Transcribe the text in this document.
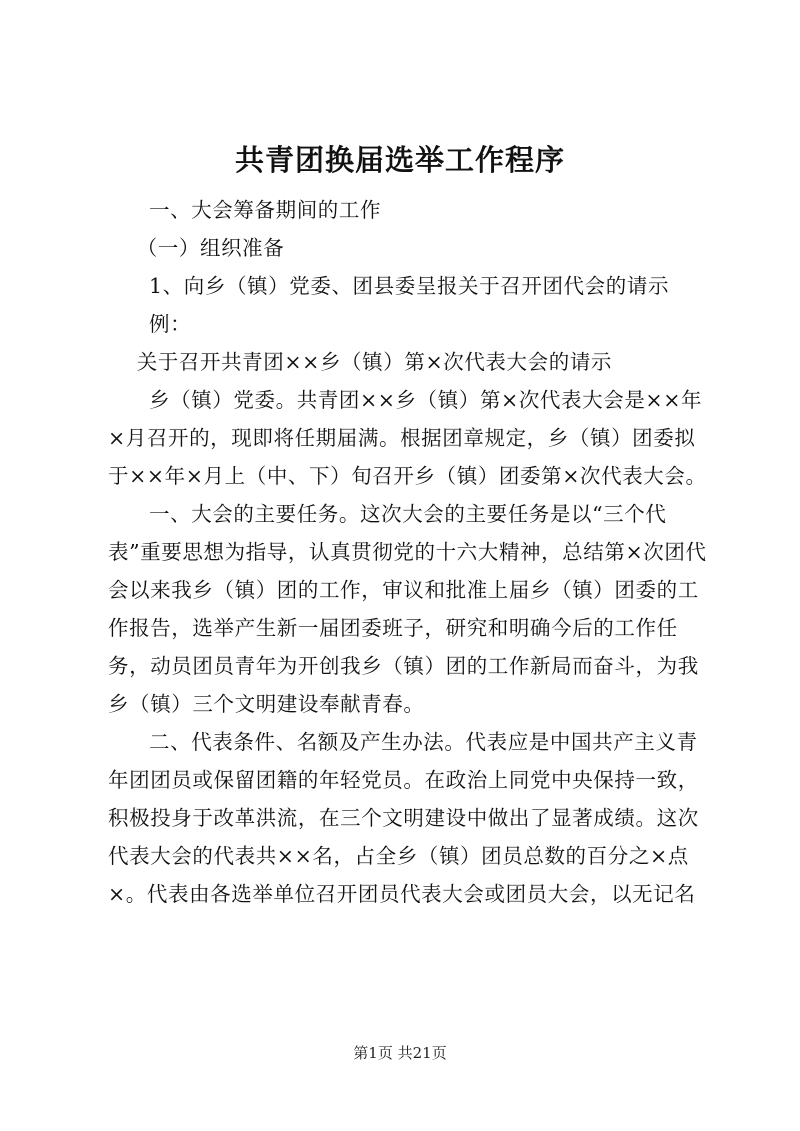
共青团换届选举工作程序

一、大会筹备期间的工作

（一）组织准备

1、向乡（镇）党委、团县委呈报关于召开团代会的请示

例：

关于召开共青团××乡（镇）第×次代表大会的请示

乡（镇）党委。共青团××乡（镇）第×次代表大会是××年×月召开的，现即将任期届满。根据团章规定，乡（镇）团委拟于××年×月上（中、下）旬召开乡（镇）团委第×次代表大会。

一、大会的主要任务。这次大会的主要任务是以“三个代表”重要思想为指导，认真贯彻党的十六大精神，总结第×次团代会以来我乡（镇）团的工作，审议和批准上届乡（镇）团委的工作报告，选举产生新一届团委班子，研究和明确今后的工作任务，动员团员青年为开创我乡（镇）团的工作新局而奋斗，为我乡（镇）三个文明建设奉献青春。

二、代表条件、名额及产生办法。代表应是中国共产主义青年团团员或保留团籍的年轻党员。在政治上同党中央保持一致，积极投身于改革洪流，在三个文明建设中做出了显著成绩。这次代表大会的代表共××名，占全乡（镇）团员总数的百分之×点×。代表由各选举单位召开团员代表大会或团员大会，以无记名

第1页 共21页
